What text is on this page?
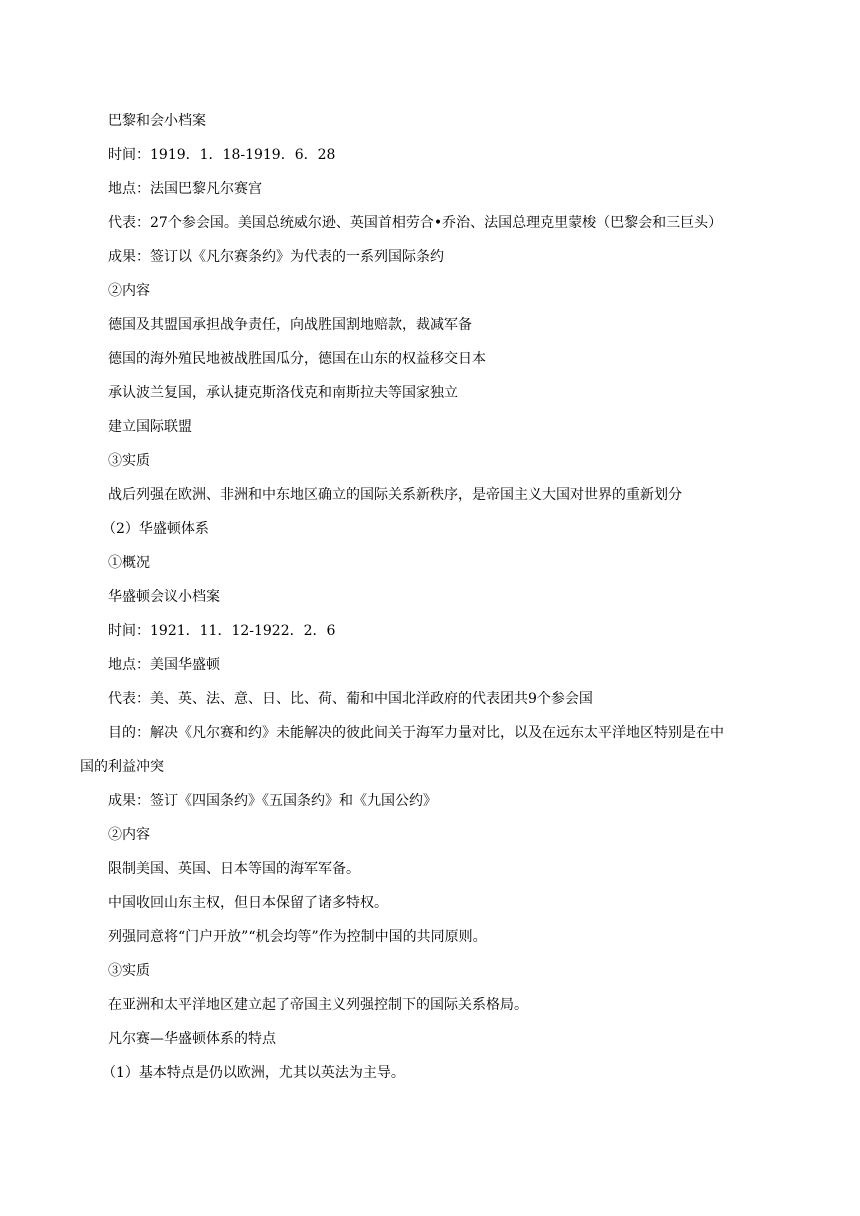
巴黎和会小档案
时间：1919．1．18-1919．6．28
地点：法国巴黎凡尔赛宫
代表：27个参会国。美国总统威尔逊、英国首相劳合•乔治、法国总理克里蒙梭（巴黎会和三巨头）
成果：签订以《凡尔赛条约》为代表的一系列国际条约
②内容
德国及其盟国承担战争责任，向战胜国割地赔款，裁减军备
德国的海外殖民地被战胜国瓜分，德国在山东的权益移交日本
承认波兰复国，承认捷克斯洛伐克和南斯拉夫等国家独立
建立国际联盟
③实质
战后列强在欧洲、非洲和中东地区确立的国际关系新秩序，是帝国主义大国对世界的重新划分
（2）华盛顿体系
①概况
华盛顿会议小档案
时间：1921．11．12-1922．2．6
地点：美国华盛顿
代表：美、英、法、意、日、比、荷、葡和中国北洋政府的代表团共9个参会国
目的：解决《凡尔赛和约》未能解决的彼此间关于海军力量对比，以及在远东太平洋地区特别是在中
国的利益冲突
成果：签订《四国条约》《五国条约》和《九国公约》
②内容
限制美国、英国、日本等国的海军军备。
中国收回山东主权，但日本保留了诸多特权。
列强同意将“门户开放”“机会均等”作为控制中国的共同原则。
③实质
在亚洲和太平洋地区建立起了帝国主义列强控制下的国际关系格局。
凡尔赛—华盛顿体系的特点
（1）基本特点是仍以欧洲，尤其以英法为主导。
